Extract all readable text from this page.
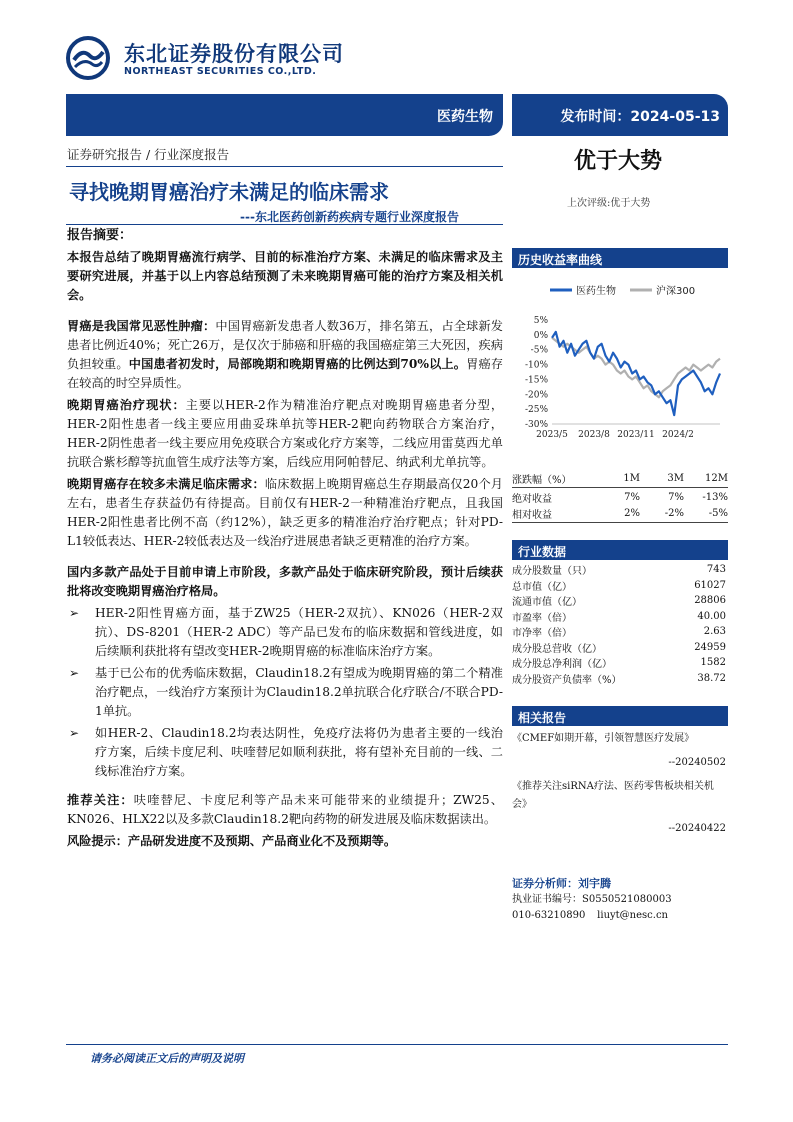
东北证券股份有限公司
NORTHEAST SECURITIES CO.,LTD.
医药生物	发布时间：2024-05-13
证券研究报告 / 行业深度报告	优于大势
上次评级:优于大势
寻找晚期胃癌治疗未满足的临床需求
---东北医药创新药疾病专题行业深度报告

报告摘要：

本报告总结了晚期胃癌流行病学、目前的标准治疗方案、未满足的临床需求及主要研究进展，并基于以上内容总结预测了未来晚期胃癌可能的治疗方案及相关机会。

胃癌是我国常见恶性肿瘤：中国胃癌新发患者人数36万，排名第五，占全球新发患者比例近40%；死亡26万，是仅次于肺癌和肝癌的我国癌症第三大死因，疾病负担较重。中国患者初发时，局部晚期和晚期胃癌的比例达到70%以上。胃癌存在较高的时空异质性。

晚期胃癌治疗现状：主要以HER-2作为精准治疗靶点对晚期胃癌患者分型，HER-2阳性患者一线主要应用曲妥珠单抗等HER-2靶向药物联合方案治疗，HER-2阴性患者一线主要应用免疫联合方案或化疗方案等，二线应用雷莫西尤单抗联合紫杉醇等抗血管生成疗法等方案，后线应用阿帕替尼、纳武利尤单抗等。

晚期胃癌存在较多未满足临床需求：临床数据上晚期胃癌总生存期最高仅20个月左右，患者生存获益仍有待提高。目前仅有HER-2一种精准治疗靶点，且我国HER-2阳性患者比例不高（约12%），缺乏更多的精准治疗治疗靶点；针对PD-L1较低表达、HER-2较低表达及一线治疗进展患者缺乏更精准的治疗方案。

国内多款产品处于目前申请上市阶段，多款产品处于临床研究阶段，预计后续获批将改变晚期胃癌治疗格局。

➢ HER-2阳性胃癌方面，基于ZW25（HER-2双抗）、KN026（HER-2双抗）、DS-8201（HER-2 ADC）等产品已发布的临床数据和管线进度，如后续顺利获批将有望改变HER-2晚期胃癌的标准临床治疗方案。

➢ 基于已公布的优秀临床数据，Claudin18.2有望成为晚期胃癌的第二个精准治疗靶点，一线治疗方案预计为Claudin18.2单抗联合化疗联合/不联合PD-1单抗。

➢ 如HER-2、Claudin18.2均表达阴性，免疫疗法将仍为患者主要的一线治疗方案，后续卡度尼利、呋喹替尼如顺利获批，将有望补充目前的一线、二线标准治疗方案。

推荐关注：呋喹替尼、卡度尼利等产品未来可能带来的业绩提升；ZW25、KN026、HLX22以及多款Claudin18.2靶向药物的研发进展及临床数据读出。

风险提示：产品研发进度不及预期、产品商业化不及预期等。

历史收益率曲线
医药生物	沪深300
5%
0%
-5%
-10%
-15%
-20%
-25%
-30%
2023/5 2023/8 2023/11 2024/2
涨跌幅（%）	1M	3M	12M
绝对收益	7%	7%	-13%
相对收益	2%	-2%	-5%
行业数据
成分股数量（只）	743
总市值（亿）	61027
流通市值（亿）	28806
市盈率（倍）	40.00
市净率（倍）	2.63
成分股总营收（亿）	24959
成分股总净利润（亿）	1582
成分股资产负债率（%）	38.72
相关报告
《CMEF如期开幕，引领智慧医疗发展》
--20240502
《推荐关注siRNA疗法、医药零售板块相关机会》
--20240422
证券分析师：刘宇腾
执业证书编号：S0550521080003
010-63210890 liuyt@nesc.cn
请务必阅读正文后的声明及说明
